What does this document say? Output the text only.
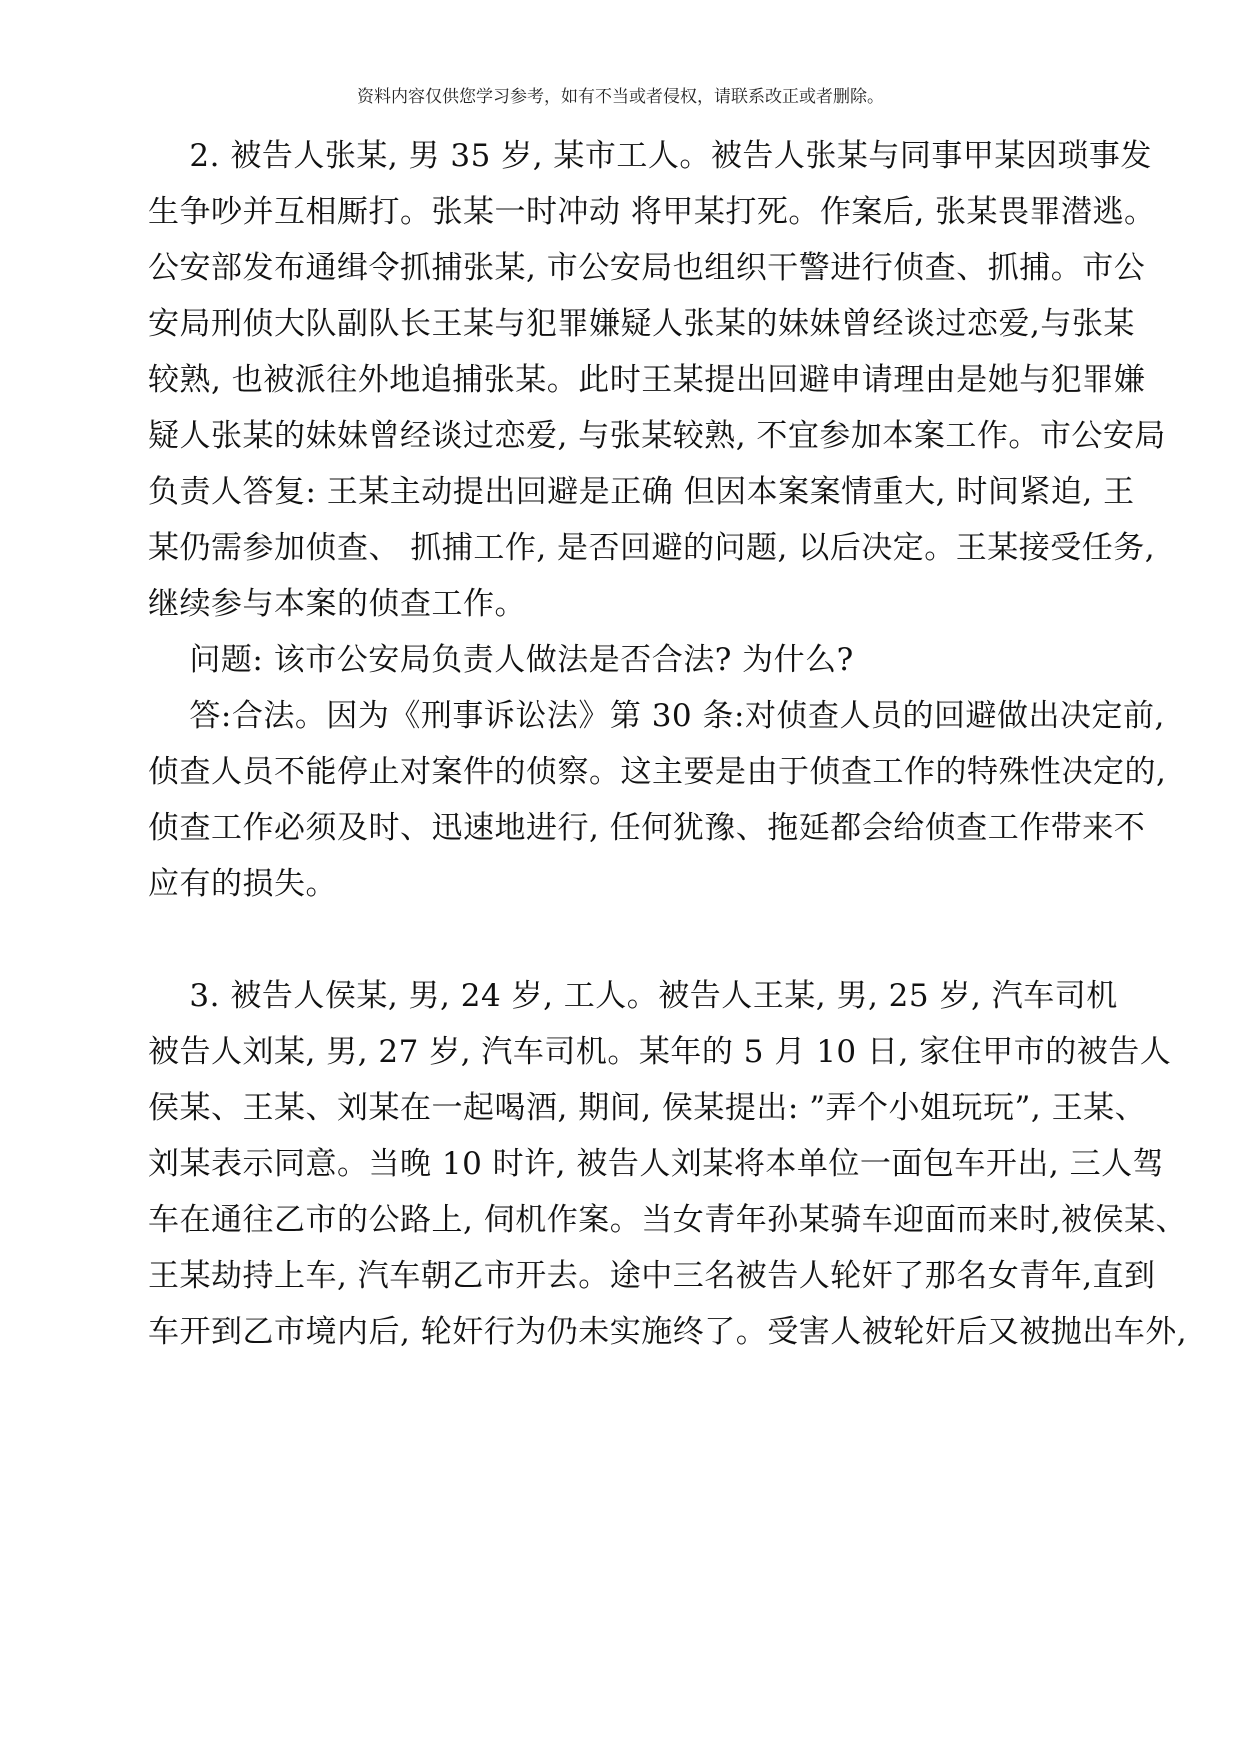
资料内容仅供您学习参考，如有不当或者侵权，请联系改正或者删除。
2. 被告人张某, 男 35 岁, 某市工人。被告人张某与同事甲某因琐事发
生争吵并互相厮打。张某一时冲动 将甲某打死。作案后, 张某畏罪潜逃。
公安部发布通缉令抓捕张某, 市公安局也组织干警进行侦查、抓捕。市公
安局刑侦大队副队长王某与犯罪嫌疑人张某的妹妹曾经谈过恋爱,与张某
较熟, 也被派往外地追捕张某。此时王某提出回避申请理由是她与犯罪嫌
疑人张某的妹妹曾经谈过恋爱, 与张某较熟, 不宜参加本案工作。市公安局
负责人答复: 王某主动提出回避是正确 但因本案案情重大, 时间紧迫, 王
某仍需参加侦查、 抓捕工作, 是否回避的问题, 以后决定。王某接受任务,
继续参与本案的侦查工作。
问题: 该市公安局负责人做法是否合法? 为什么?
答:合法。因为《刑事诉讼法》第 30 条:对侦查人员的回避做出决定前,
侦查人员不能停止对案件的侦察。这主要是由于侦查工作的特殊性决定的,
侦查工作必须及时、迅速地进行, 任何犹豫、拖延都会给侦查工作带来不
应有的损失。
3. 被告人侯某, 男, 24 岁, 工人。被告人王某, 男, 25 岁, 汽车司机
被告人刘某, 男, 27 岁, 汽车司机。某年的 5 月 10 日, 家住甲市的被告人
侯某、王某、刘某在一起喝酒, 期间, 侯某提出: ”弄个小姐玩玩”, 王某、
刘某表示同意。当晚 10 时许, 被告人刘某将本单位一面包车开出, 三人驾
车在通往乙市的公路上, 伺机作案。当女青年孙某骑车迎面而来时,被侯某、
王某劫持上车, 汽车朝乙市开去。途中三名被告人轮奸了那名女青年,直到
车开到乙市境内后, 轮奸行为仍未实施终了。受害人被轮奸后又被抛出车外,
